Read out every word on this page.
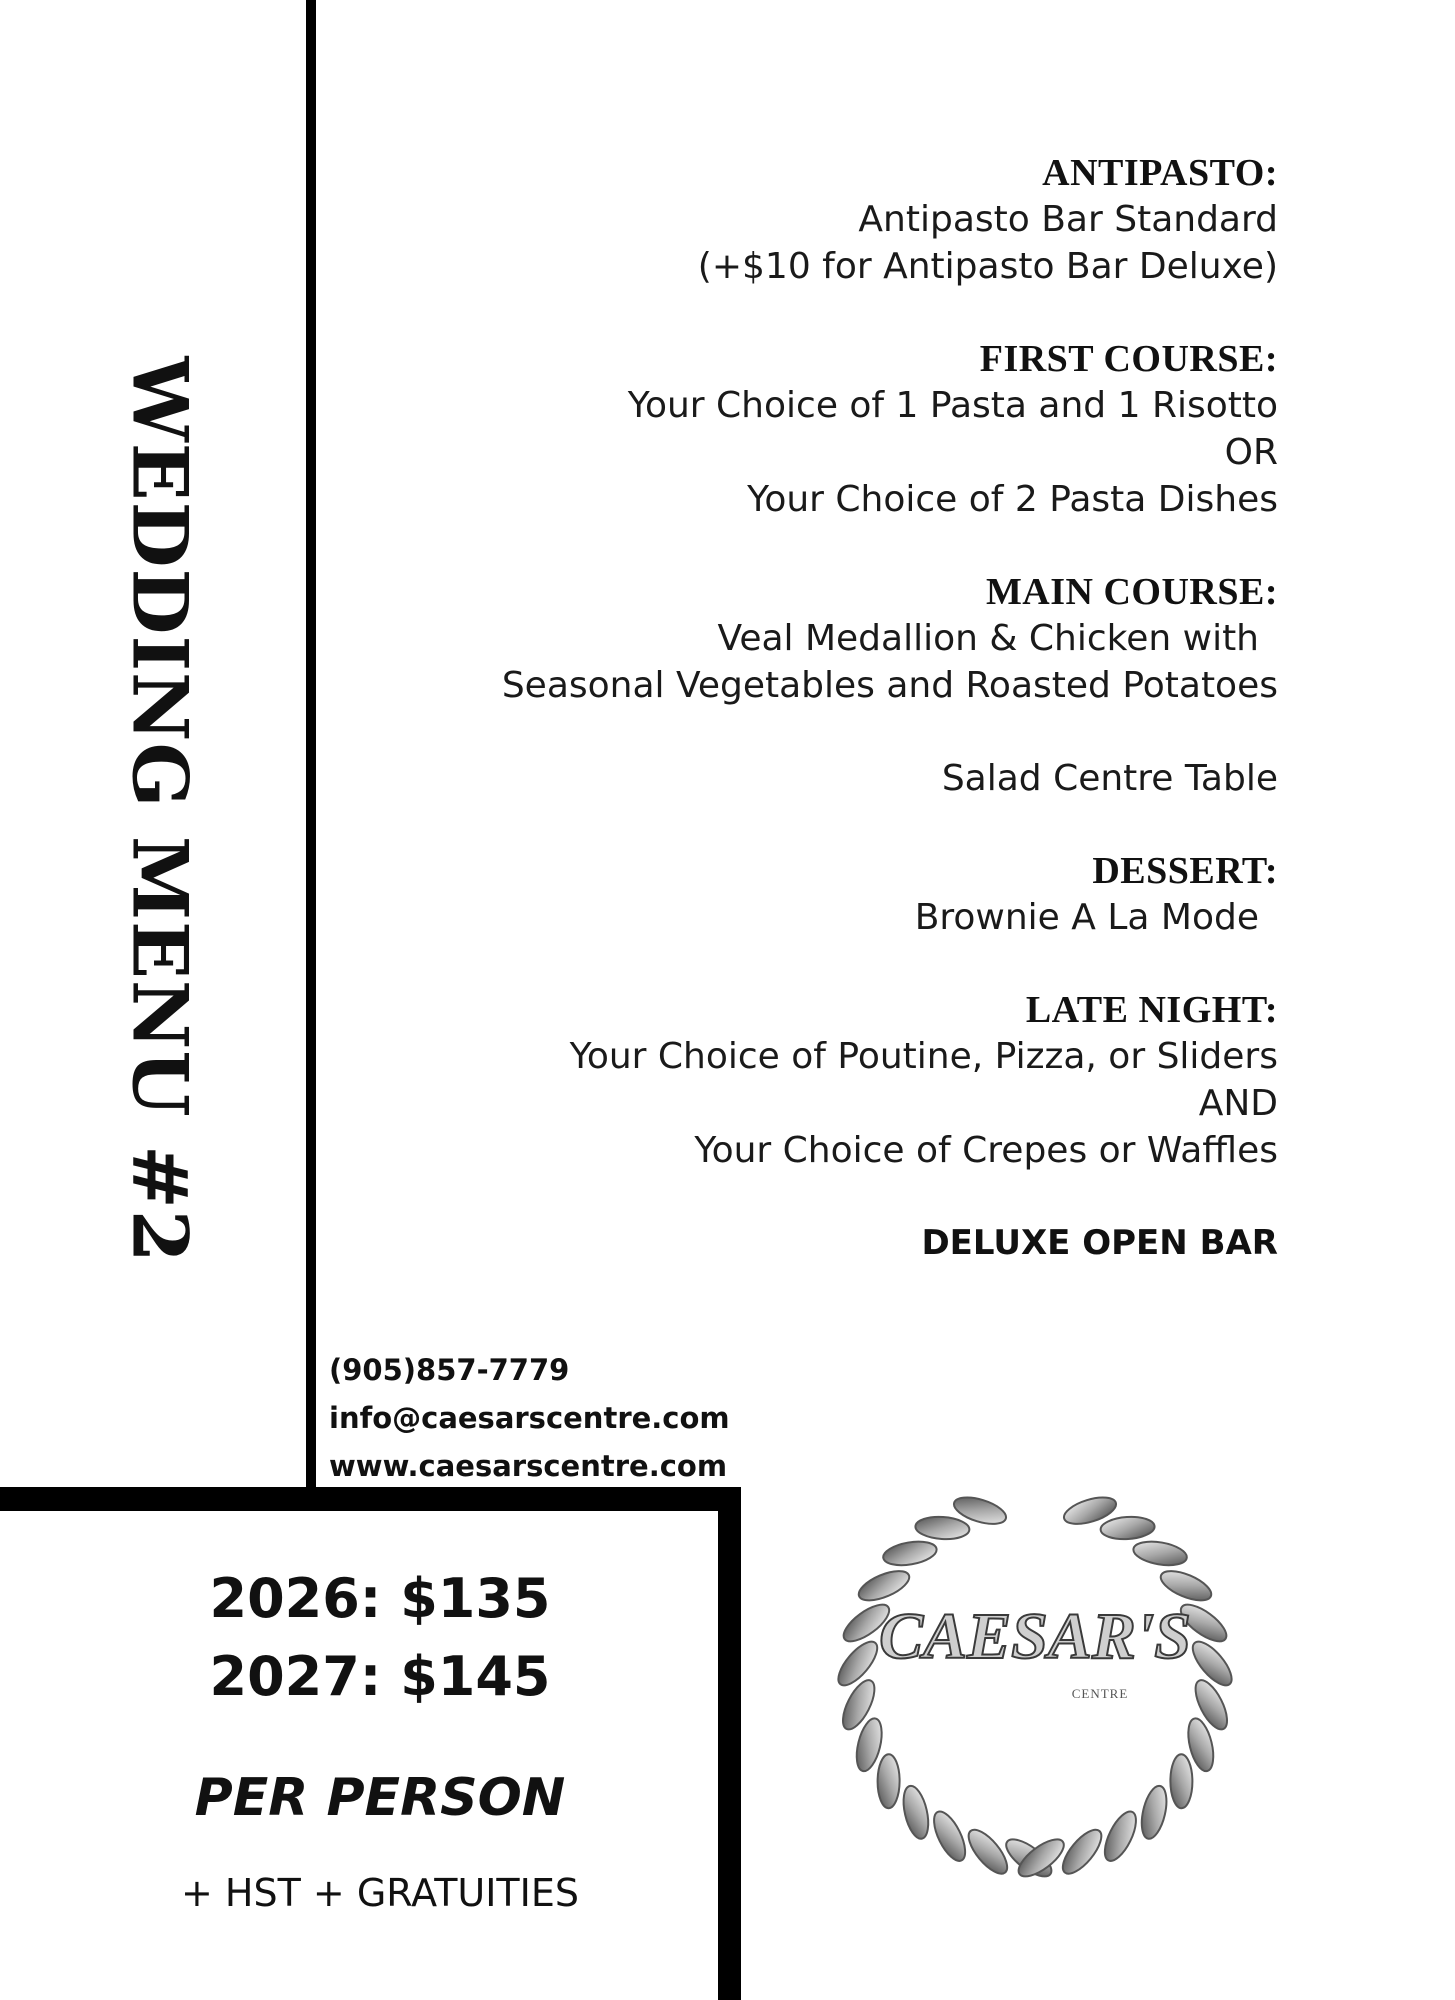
WEDDING MENU #2
ANTIPASTO:
Antipasto Bar Standard
(+$10 for Antipasto Bar Deluxe)
FIRST COURSE:
Your Choice of 1 Pasta and 1 Risotto
OR
Your Choice of 2 Pasta Dishes
MAIN COURSE:
Veal Medallion & Chicken with
Seasonal Vegetables and Roasted Potatoes
Salad Centre Table
DESSERT:
Brownie A La Mode
LATE NIGHT:
Your Choice of Poutine, Pizza, or Sliders
AND
Your Choice of Crepes or Waffles
DELUXE OPEN BAR
(905)857-7779
info@caesarscentre.com
www.caesarscentre.com
2026: $135
2027: $145
PER PERSON
+ HST + GRATUITIES
CAESAR'S
CENTRE
